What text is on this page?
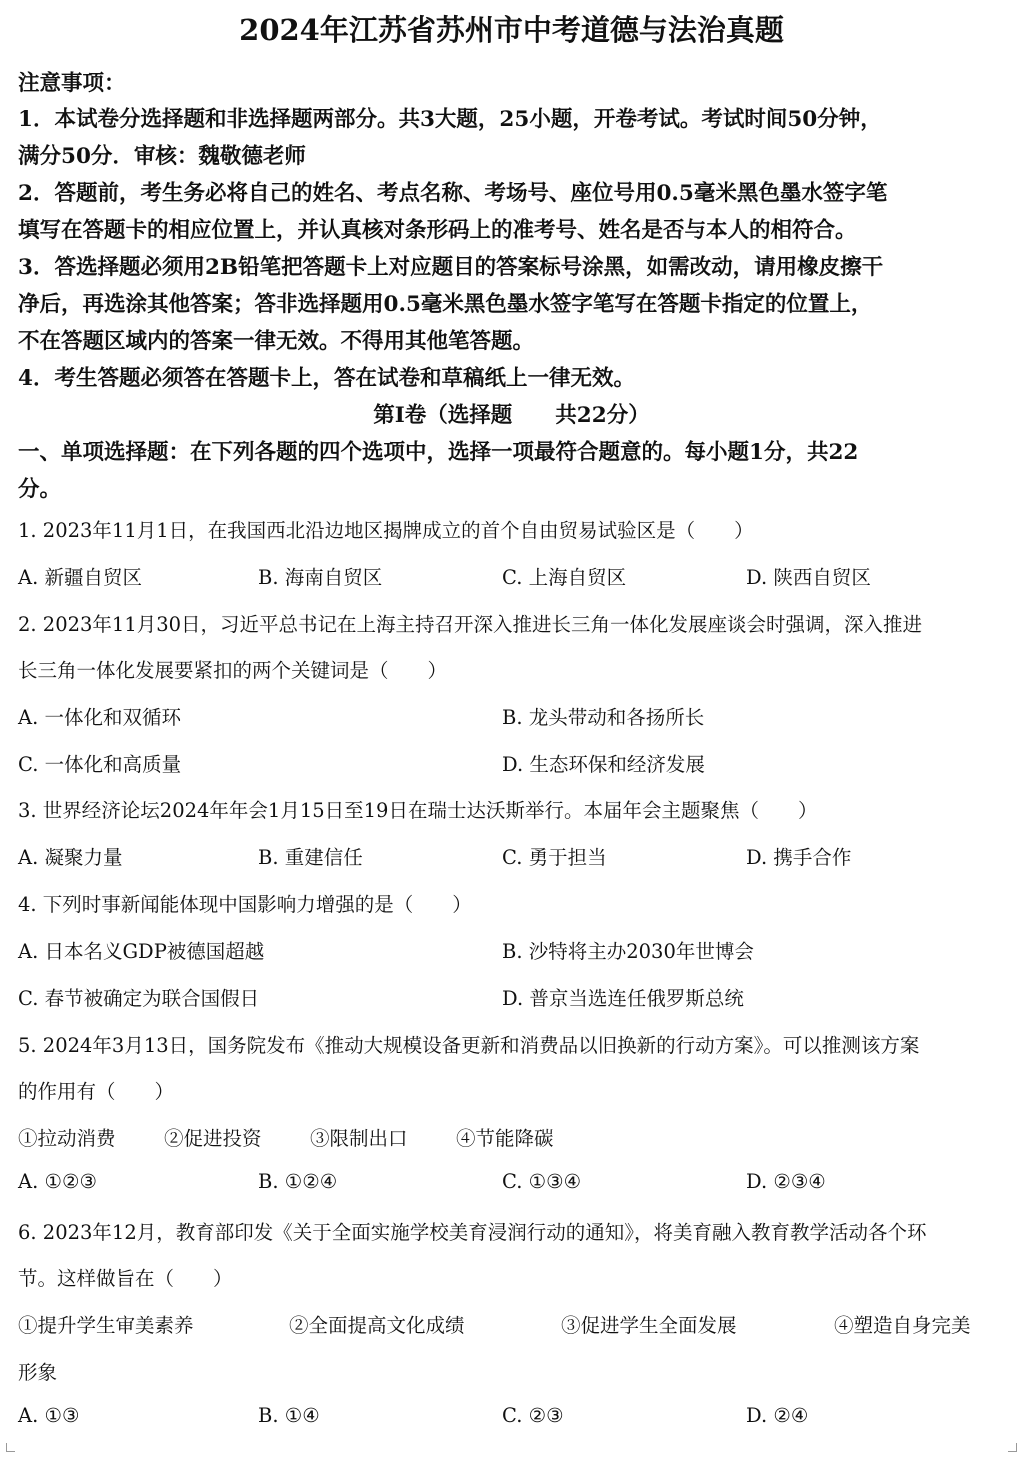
2024年江苏省苏州市中考道德与法治真题
注意事项：
1．本试卷分选择题和非选择题两部分。共3大题，25小题，开卷考试。考试时间50分钟，
满分50分．审核：魏敬德老师
2．答题前，考生务必将自己的姓名、考点名称、考场号、座位号用0.5毫米黑色墨水签字笔
填写在答题卡的相应位置上，并认真核对条形码上的准考号、姓名是否与本人的相符合。
3．答选择题必须用2B铅笔把答题卡上对应题目的答案标号涂黑，如需改动，请用橡皮擦干
净后，再选涂其他答案；答非选择题用0.5毫米黑色墨水签字笔写在答题卡指定的位置上，
不在答题区域内的答案一律无效。不得用其他笔答题。
4．考生答题必须答在答题卡上，答在试卷和草稿纸上一律无效。
第I卷（选择题　　共22分）
一、单项选择题：在下列各题的四个选项中，选择一项最符合题意的。每小题1分，共22
分。
1. 2023年11月1日，在我国西北沿边地区揭牌成立的首个自由贸易试验区是（　　）
A. 新疆自贸区	B. 海南自贸区	C. 上海自贸区	D. 陕西自贸区
2. 2023年11月30日，习近平总书记在上海主持召开深入推进长三角一体化发展座谈会时强调，深入推进
长三角一体化发展要紧扣的两个关键词是（　　）
A. 一体化和双循环	B. 龙头带动和各扬所长
C. 一体化和高质量	D. 生态环保和经济发展
3. 世界经济论坛2024年年会1月15日至19日在瑞士达沃斯举行。本届年会主题聚焦（　　）
A. 凝聚力量	B. 重建信任	C. 勇于担当	D. 携手合作
4. 下列时事新闻能体现中国影响力增强的是（　　）
A. 日本名义GDP被德国超越	B. 沙特将主办2030年世博会
C. 春节被确定为联合国假日	D. 普京当选连任俄罗斯总统
5. 2024年3月13日，国务院发布《推动大规模设备更新和消费品以旧换新的行动方案》。可以推测该方案
的作用有（　　）
①拉动消费 ②促进投资 ③限制出口 ④节能降碳
A. ①②③	B. ①②④	C. ①③④	D. ②③④
6. 2023年12月，教育部印发《关于全面实施学校美育浸润行动的通知》，将美育融入教育教学活动各个环
节。这样做旨在（　　）
①提升学生审美素养	②全面提高文化成绩	③促进学生全面发展	④塑造自身完美
形象
A. ①③	B. ①④	C. ②③	D. ②④
